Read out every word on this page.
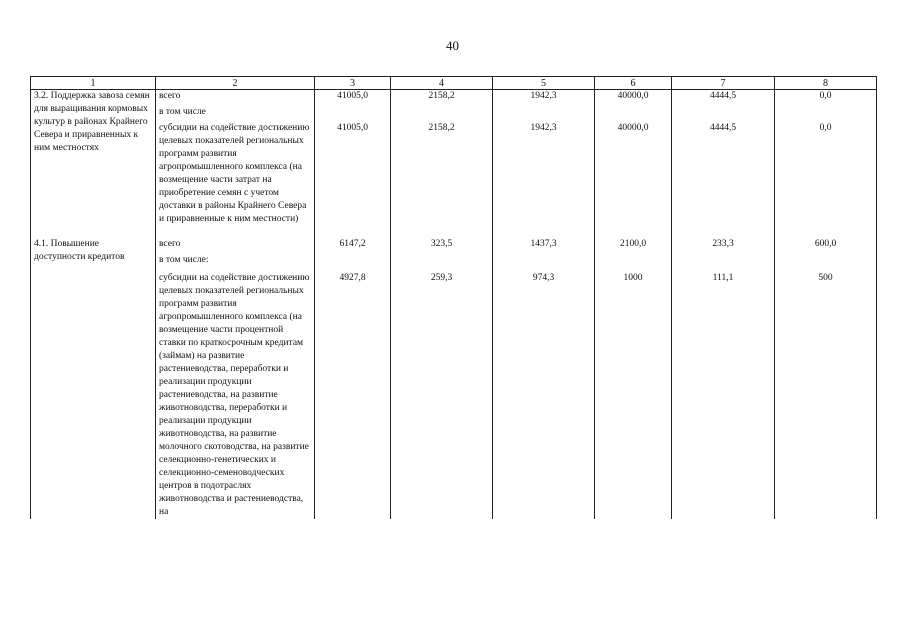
40
1	2	3	4	5	6	7	8
3.2. Поддержка завоза семян для выращивания кормовых культур в районах Крайнего Севера и приравненных к ним местностях	всего	41005,0	2158,2	1942,3	40000,0	4444,5	0,0
	в том числе						
	субсидии на содействие достижению целевых показателей региональных программ развития агропромышленного комплекса (на возмещение части затрат на приобретение семян с учетом доставки в районы Крайнего Севера и приравненные к ним местности)	41005,0	2158,2	1942,3	40000,0	4444,5	0,0

4.1. Повышение доступности кредитов	всего	6147,2	323,5	1437,3	2100,0	233,3	600,0
	в том числе:						
	субсидии на содействие достижению целевых показателей региональных программ развития агропромышленного комплекса (на возмещение части процентной ставки по краткосрочным кредитам (займам) на развитие растениеводства, переработки и реализации продукции растениеводства, на развитие животноводства, переработки и реализации продукции животноводства, на развитие молочного скотоводства, на развитие селекционно-генетических и селекционно-семеноводческих центров в подотраслях животноводства и растениеводства, на	4927,8	259,3	974,3	1000	111,1	500
